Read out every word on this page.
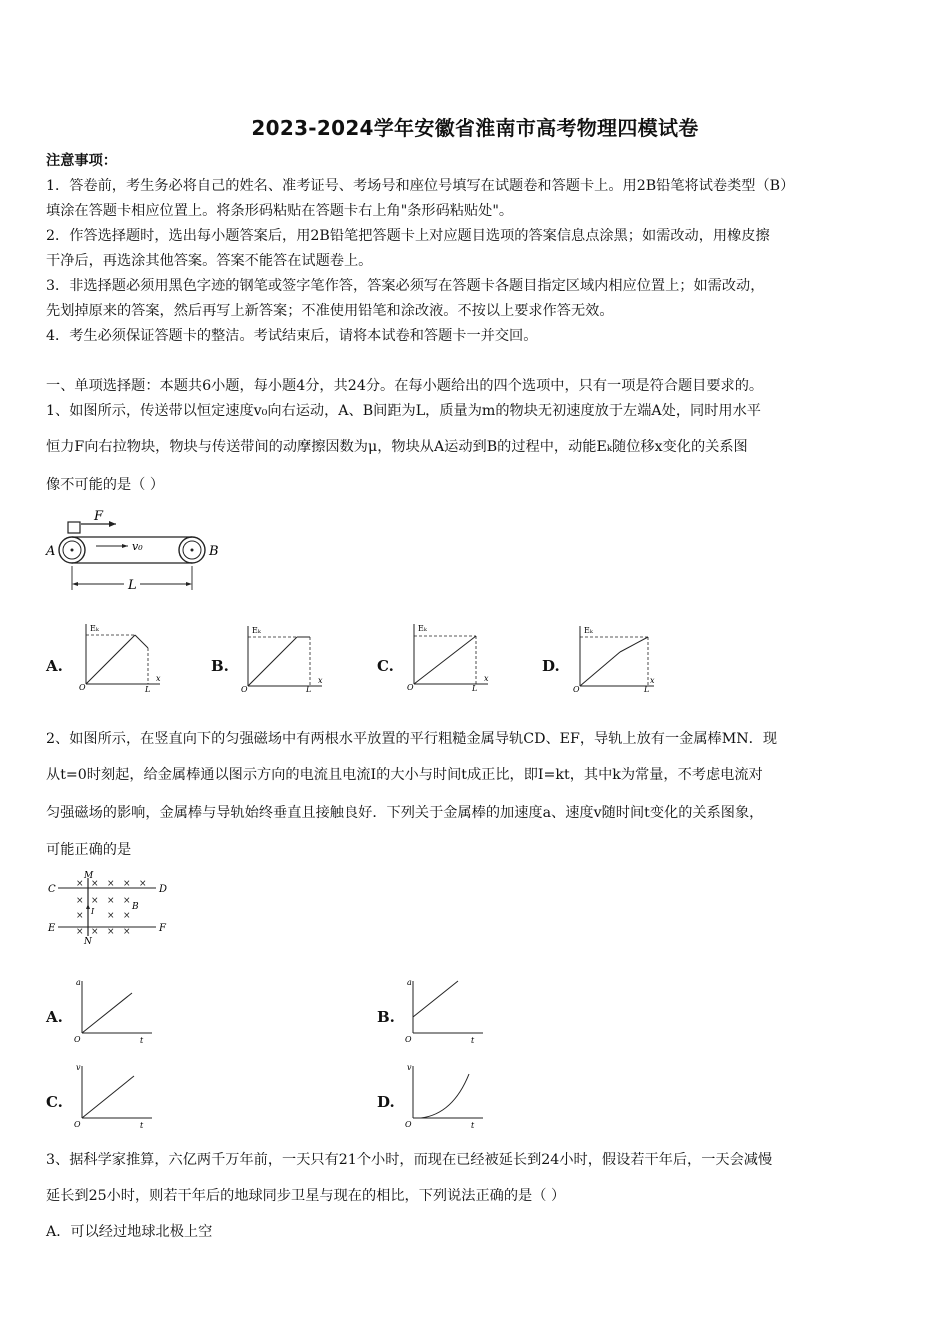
2023-2024学年安徽省淮南市高考物理四模试卷
注意事项：
1．答卷前，考生务必将自己的姓名、准考证号、考场号和座位号填写在试题卷和答题卡上。用2B铅笔将试卷类型（B）
填涂在答题卡相应位置上。将条形码粘贴在答题卡右上角"条形码粘贴处"。
2．作答选择题时，选出每小题答案后，用2B铅笔把答题卡上对应题目选项的答案信息点涂黑；如需改动，用橡皮擦
干净后，再选涂其他答案。答案不能答在试题卷上。
3．非选择题必须用黑色字迹的钢笔或签字笔作答，答案必须写在答题卡各题目指定区域内相应位置上；如需改动，
先划掉原来的答案，然后再写上新答案；不准使用铅笔和涂改液。不按以上要求作答无效。
4．考生必须保证答题卡的整洁。考试结束后，请将本试卷和答题卡一并交回。
一、单项选择题：本题共6小题，每小题4分，共24分。在每小题给出的四个选项中，只有一项是符合题目要求的。
1、如图所示，传送带以恒定速度v₀向右运动，A、B间距为L，质量为m的物块无初速度放于左端A处，同时用水平
恒力F向右拉物块，物块与传送带间的动摩擦因数为μ，物块从A运动到B的过程中，动能Eₖ随位移x变化的关系图
像不可能的是（ ）
F
v₀
A	B
L
A.
Eₖ
x
O	L
B.
Eₖ
x
O	L
C.
Eₖ
x
O	L
D.
Eₖ
x
O	L
2、如图所示，在竖直向下的匀强磁场中有两根水平放置的平行粗糙金属导轨CD、EF，导轨上放有一金属棒MN．现
从t=0时刻起，给金属棒通以图示方向的电流且电流I的大小与时间t成正比，即I=kt，其中k为常量，不考虑电流对
匀强磁场的影响，金属棒与导轨始终垂直且接触良好．下列关于金属棒的加速度a、速度v随时间t变化的关系图象，
可能正确的是
C	D
E	F
M
N
B
I
× × × × ×
× × × ×
×	× ×
× × × ×
A.
a
O	t
B.
a
O	t
C.
v
O	t
D.
v
O	t
3、据科学家推算，六亿两千万年前，一天只有21个小时，而现在已经被延长到24小时，假设若干年后，一天会减慢
延长到25小时，则若干年后的地球同步卫星与现在的相比，下列说法正确的是（ ）
A．可以经过地球北极上空
